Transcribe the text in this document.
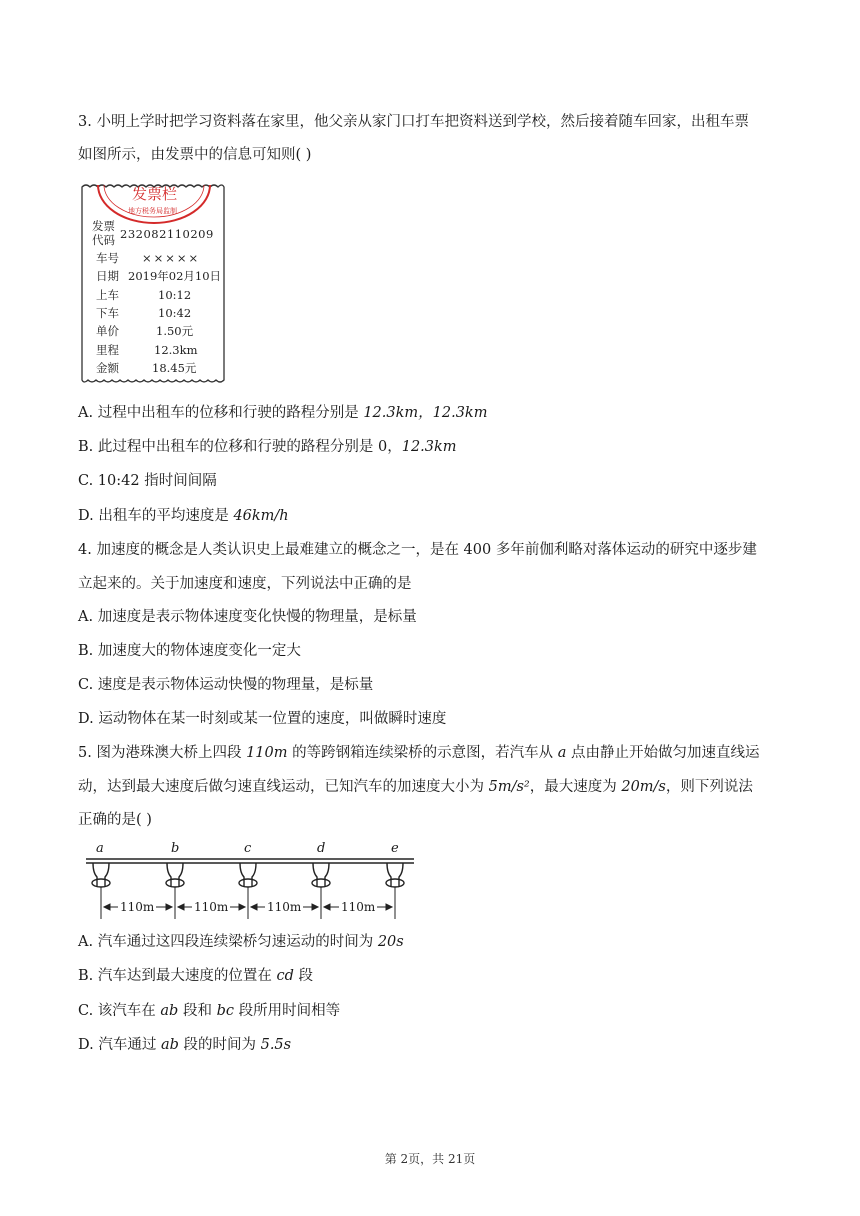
3. 小明上学时把学习资料落在家里，他父亲从家门口打车把资料送到学校，然后接着随车回家，出租车票
如图所示，由发票中的信息可知则( )
发票栏
地方税务局监制
发票
代码 232082110209
车号 ×××××
日期 2019年02月10日
上车	10:12
下车	10:42
单价	1.50元
里程	12.3km
金额	18.45元
A. 过程中出租车的位移和行驶的路程分别是 12.3km，12.3km
B. 此过程中出租车的位移和行驶的路程分别是 0，12.3km
C. 10:42 指时间间隔
D. 出租车的平均速度是 46km/h
4. 加速度的概念是人类认识史上最难建立的概念之一，是在 400 多年前伽利略对落体运动的研究中逐步建
立起来的。关于加速度和速度，下列说法中正确的是
A. 加速度是表示物体速度变化快慢的物理量，是标量
B. 加速度大的物体速度变化一定大
C. 速度是表示物体运动快慢的物理量，是标量
D. 运动物体在某一时刻或某一位置的速度，叫做瞬时速度
5. 图为港珠澳大桥上四段 110m 的等跨钢箱连续梁桥的示意图，若汽车从 a 点由静止开始做匀加速直线运
动，达到最大速度后做匀速直线运动，已知汽车的加速度大小为 5m/s²，最大速度为 20m/s，则下列说法
正确的是( )
a	b	c	d	e
110m	110m	110m	110m
A. 汽车通过这四段连续梁桥匀速运动的时间为 20s
B. 汽车达到最大速度的位置在 cd 段
C. 该汽车在 ab 段和 bc 段所用时间相等
D. 汽车通过 ab 段的时间为 5.5s
第 2页，共 21页
